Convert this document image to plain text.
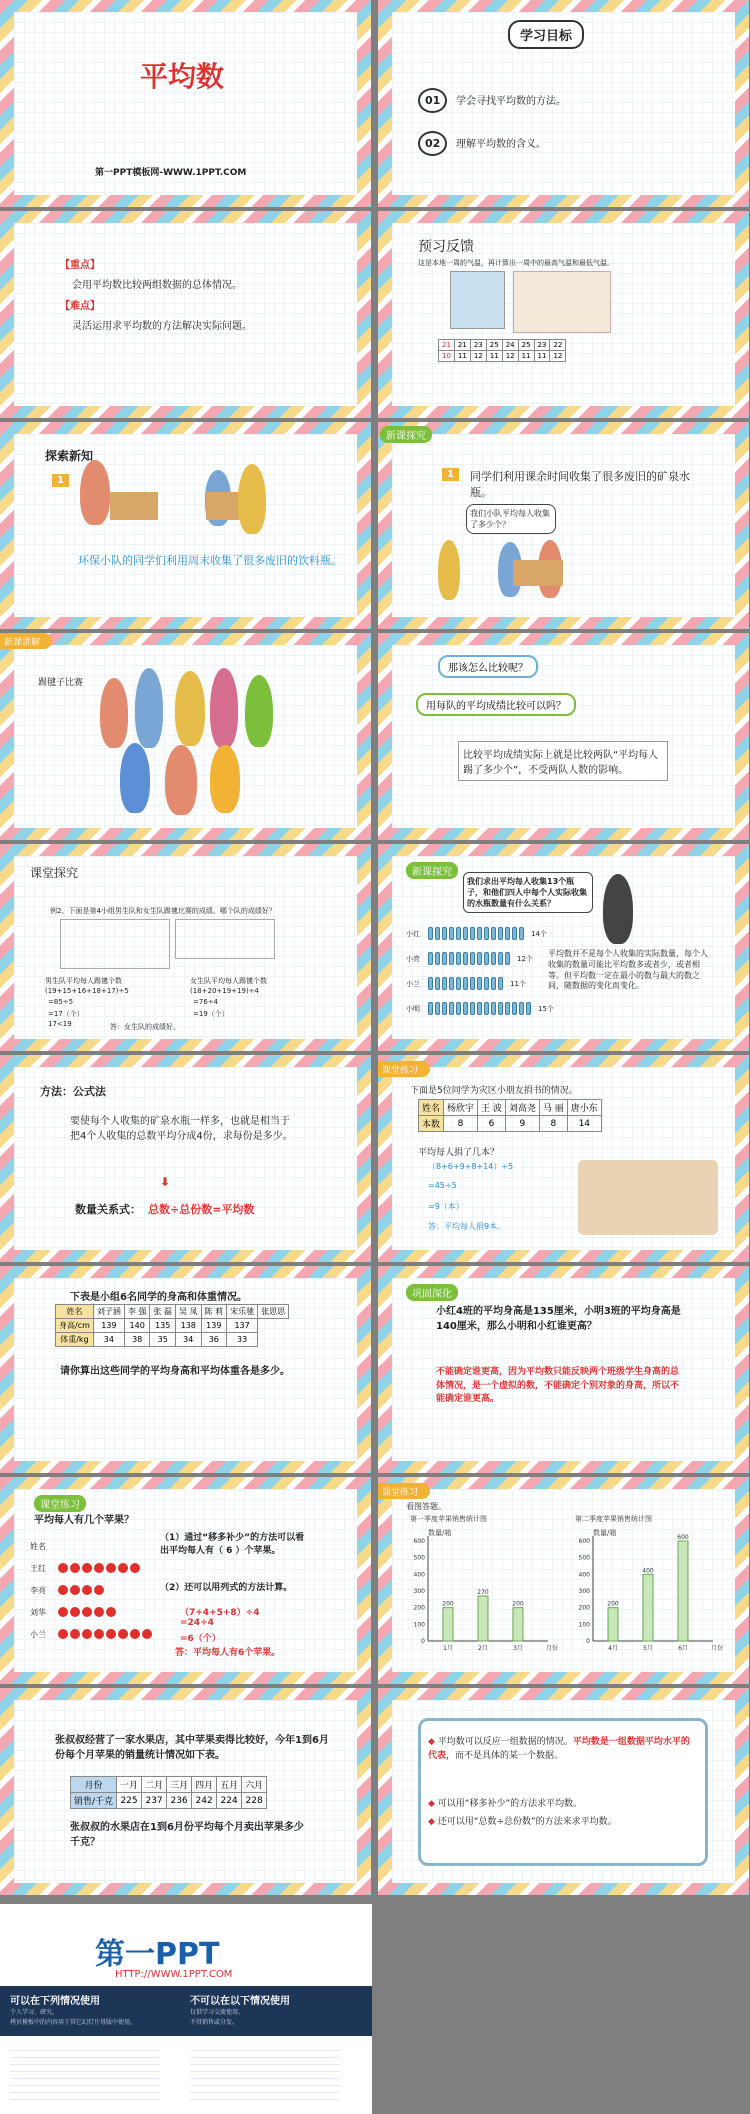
平均数
第一PPT模板网-WWW.1PPT.COM
学习目标
01	学会寻找平均数的方法。
02	理解平均数的含义。
【重点】
会用平均数比较两组数据的总体情况。
【难点】
灵活运用求平均数的方法解决实际问题。
预习反馈
这是本地一周的气温，再计算出一周中的最高气温和最低气温。
21	21	23	25	24	25	23	22
10	11	12	11	12	11	11	12
探索新知
1
环保小队的同学们利用周末收集了很多废旧的饮料瓶。
新课探究
1	同学们利用课余时间收集了很多废旧的矿泉水瓶。
我们小队平均每人收集了多少个？
新课讲解
踢毽子比赛
那该怎么比较呢？
用每队的平均成绩比较可以吗？
比较平均成绩实际上就是比较两队“平均每人踢了多少个”，不受两队人数的影响。
课堂探究
例2、下面是第4小组男生队和女生队踢毽比赛的成绩。哪个队的成绩好？
男生队平均每人踢毽个数
(19+15+16+18+17)÷5
=85÷5
=17（个）
17<19
女生队平均每人踢毽个数
(18+20+19+19)÷4
=76÷4
=19（个）
答：女生队的成绩好。
新课探究
我们求出平均每人收集13个瓶子，和他们四人中每个人实际收集的水瓶数量有什么关系？
平均数并不是每个人收集的实际数量，每个人收集的数量可能比平均数多或者少，或者相等。但平均数一定在最小的数与最大的数之间，随数据的变化而变化。
小红	14个
小亮	12个
小兰	11个
小明	15个
方法：公式法
要使每个人收集的矿泉水瓶一样多，也就是相当于把4个人收集的总数平均分成4份，求每份是多少。
⬇
数量关系式： 总数÷总份数=平均数
课堂练习
下面是5位同学为灾区小朋友捐书的情况。
姓名	杨欣宇	王 波	刘高尧	马 丽	唐小东
本数	8	6	9	8	14
平均每人捐了几本？
（8+6+9+8+14）÷5
=45÷5
=9（本）
答：平均每人捐9本。
下表是小组6名同学的身高和体重情况。
姓名	刘子涵	李 强	张 磊	吴 凤	陈 莉	宋乐驰	张思思
身高/cm	139	140	135	138	139	137	
体重/kg	34	38	35	34	36	33	
请你算出这些同学的平均身高和平均体重各是多少。
巩固深化
小红4班的平均身高是135厘米，小明3班的平均身高是140厘米，那么小明和小红谁更高？
不能确定谁更高，因为平均数只能反映两个班级学生身高的总体情况，是一个虚拟的数，不能确定个别对象的身高，所以不能确定谁更高。
课堂练习
平均每人有几个苹果？
（1）通过“移多补少”的方法可以看出平均每人有（ 6 ）个苹果。
（2）还可以用列式的方法计算。
（7+4+5+8）÷4
=24÷4
=6（个）
答：平均每人有6个苹果。
姓名
王红
李亮
刘华
小兰
课堂练习
看图答题。
第一季度苹果销售统计图
数量/箱
0
100
200
300
400
500
600
200
1月
270
2月
200
3月	月份
第二季度苹果销售统计图
数量/箱
0
100
200
300
400
500
600
200
4月
400
5月
600
6月	月份
张叔叔经营了一家水果店，其中苹果卖得比较好，今年1到6月份每个月苹果的销量统计情况如下表。
月份	一月	二月	三月	四月	五月	六月
销售/千克	225	237	236	242	224	228
张叔叔的水果店在1到6月份平均每个月卖出苹果多少千克？
◆ 平均数可以反应一组数据的情况。平均数是一组数据平均水平的代表，而不是具体的某一个数据。
◆ 可以用“移多补少”的方法求平均数。
◆ 还可以用“总数÷总份数”的方法来求平均数。
第一PPT
HTTP://WWW.1PPT.COM
可以在下列情况使用
个人学习、研究。
拷贝模板中的内容用于其它幻灯片母版中使用。
不可以在以下情况使用
仅供学习交流使用。
不得销售或分发。
